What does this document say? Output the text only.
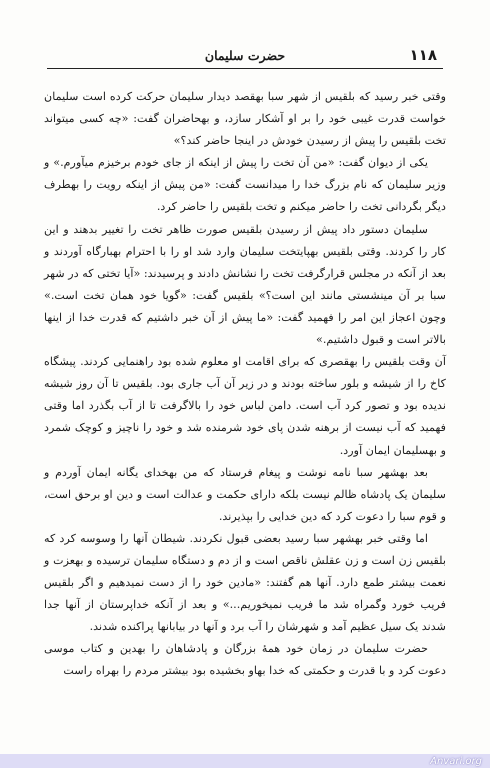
۱۱۸
حضرت سلیمان

وقتی خبر رسید که بلقیس از شهر سبا بهقصد دیدار سلیمان حرکت کرده است سلیمان خواست قدرت غیبی خود را بر او آشکار سازد، و بهحاضران گفت: «چه کسی میتواند تخت بلقیس را پیش از رسیدن خودش در اینجا حاضر کند؟»

یکی از دیوان گفت: «من آن تخت را پیش از اینکه از جای خودم برخیزم میآورم.» و وزیر سلیمان که نام بزرگ خدا را میدانست گفت: «من پیش از اینکه رویت را بهطرف دیگر بگردانی تخت را حاضر میکنم و تخت بلقیس را حاضر کرد.

سلیمان دستور داد پیش از رسیدن بلقیس صورت ظاهر تخت را تغییر بدهند و این کار را کردند. وقتی بلقیس بهپایتخت سلیمان وارد شد او را با احترام بهبارگاه آوردند و بعد از آنکه در مجلس قرارگرفت تخت را نشانش دادند و پرسیدند: «آیا تختی که در شهر سبا بر آن مینشستی مانند این است؟» بلقیس گفت: «گویا خود همان تخت است.» وچون اعجاز این امر را فهمید گفت: «ما پیش از آن خبر داشتیم که قدرت خدا از اینها بالاتر است و قبول داشتیم.»

آن وقت بلقیس را بهقصری که برای اقامت او معلوم شده بود راهنمایی کردند. پیشگاه کاخ را از شیشه و بلور ساخته بودند و در زیر آن آب جاری بود. بلقیس تا آن روز شیشه ندیده بود و تصور کرد آب است. دامن لباس خود را بالاگرفت تا از آب بگذرد اما وقتی فهمید که آب نیست از برهنه شدن پای خود شرمنده شد و خود را ناچیز و کوچک شمرد و بهسلیمان ایمان آورد.

بعد بهشهر سبا نامه نوشت و پیغام فرستاد که من بهخدای یگانه ایمان آوردم و سلیمان یک پادشاه ظالم نیست بلکه دارای حکمت و عدالت است و دین او برحق است، و قوم سبا را دعوت کرد که دین خدایی را بپذیرند.

اما وقتی خبر بهشهر سبا رسید بعضی قبول نکردند. شیطان آنها را وسوسه کرد که بلقیس زن است و زن عقلش ناقص است و از دم و دستگاه سلیمان ترسیده و بهعزت و نعمت بیشتر طمع دارد. آنها هم گفتند: «مادین خود را از دست نمیدهیم و اگر بلقیس فریب خورد وگمراه شد ما فریب نمیخوریم...» و بعد از آنکه خداپرستان از آنها جدا شدند یک سیل عظیم آمد و شهرشان را آب برد و آنها در بیابانها پراکنده شدند.

حضرت سلیمان در زمان خود همهٔ بزرگان و پادشاهان را بهدین و کتاب موسی دعوت کرد و با قدرت و حکمتی که خدا بهاو بخشیده بود بیشتر مردم را بهراه راست

Anvari.org
